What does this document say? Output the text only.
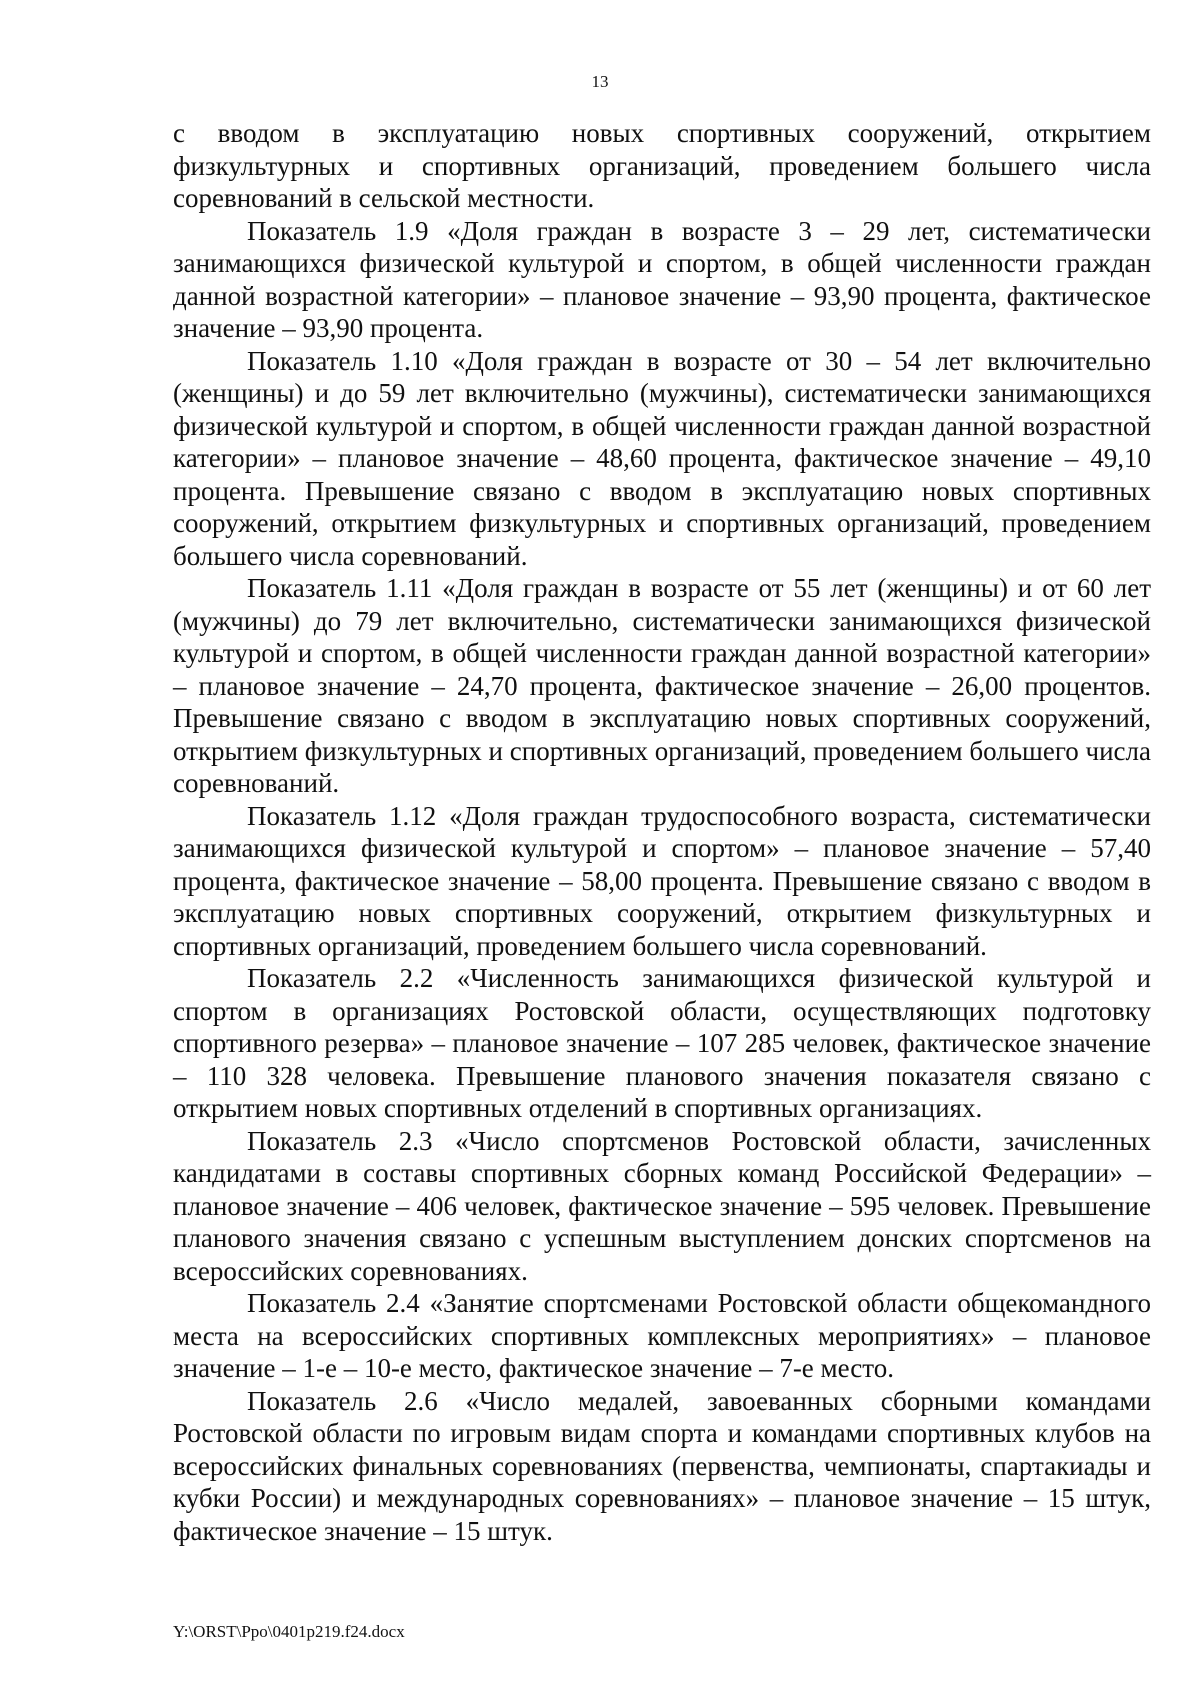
13

с вводом в эксплуатацию новых спортивных сооружений, открытием физкультурных и спортивных организаций, проведением большего числа соревнований в сельской местности.

Показатель 1.9 «Доля граждан в возрасте 3 – 29 лет, систематически занимающихся физической культурой и спортом, в общей численности граждан данной возрастной категории» – плановое значение – 93,90 процента, фактическое значение – 93,90 процента.

Показатель 1.10 «Доля граждан в возрасте от 30 – 54 лет включительно (женщины) и до 59 лет включительно (мужчины), систематически занимающихся физической культурой и спортом, в общей численности граждан данной возрастной категории» – плановое значение – 48,60 процента, фактическое значение – 49,10 процента. Превышение связано с вводом в эксплуатацию новых спортивных сооружений, открытием физкультурных и спортивных организаций, проведением большего числа соревнований.

Показатель 1.11 «Доля граждан в возрасте от 55 лет (женщины) и от 60 лет (мужчины) до 79 лет включительно, систематически занимающихся физической культурой и спортом, в общей численности граждан данной возрастной категории» – плановое значение – 24,70 процента, фактическое значение – 26,00 процентов. Превышение связано с вводом в эксплуатацию новых спортивных сооружений, открытием физкультурных и спортивных организаций, проведением большего числа соревнований.

Показатель 1.12 «Доля граждан трудоспособного возраста, систематически занимающихся физической культурой и спортом» – плановое значение – 57,40 процента, фактическое значение – 58,00 процента. Превышение связано с вводом в эксплуатацию новых спортивных сооружений, открытием физкультурных и спортивных организаций, проведением большего числа соревнований.

Показатель 2.2 «Численность занимающихся физической культурой и спортом в организациях Ростовской области, осуществляющих подготовку спортивного резерва» – плановое значение – 107 285 человек, фактическое значение – 110 328 человека. Превышение планового значения показателя связано с открытием новых спортивных отделений в спортивных организациях.

Показатель 2.3 «Число спортсменов Ростовской области, зачисленных кандидатами в составы спортивных сборных команд Российской Федерации» – плановое значение – 406 человек, фактическое значение – 595 человек. Превышение планового значения связано с успешным выступлением донских спортсменов на всероссийских соревнованиях.

Показатель 2.4 «Занятие спортсменами Ростовской области общекомандного места на всероссийских спортивных комплексных мероприятиях» – плановое значение – 1-е – 10-е место, фактическое значение – 7-е место.

Показатель 2.6 «Число медалей, завоеванных сборными командами Ростовской области по игровым видам спорта и командами спортивных клубов на всероссийских финальных соревнованиях (первенства, чемпионаты, спартакиады и кубки России) и международных соревнованиях» – плановое значение – 15 штук, фактическое значение – 15 штук.

Y:\ORST\Ppo\0401p219.f24.docx
